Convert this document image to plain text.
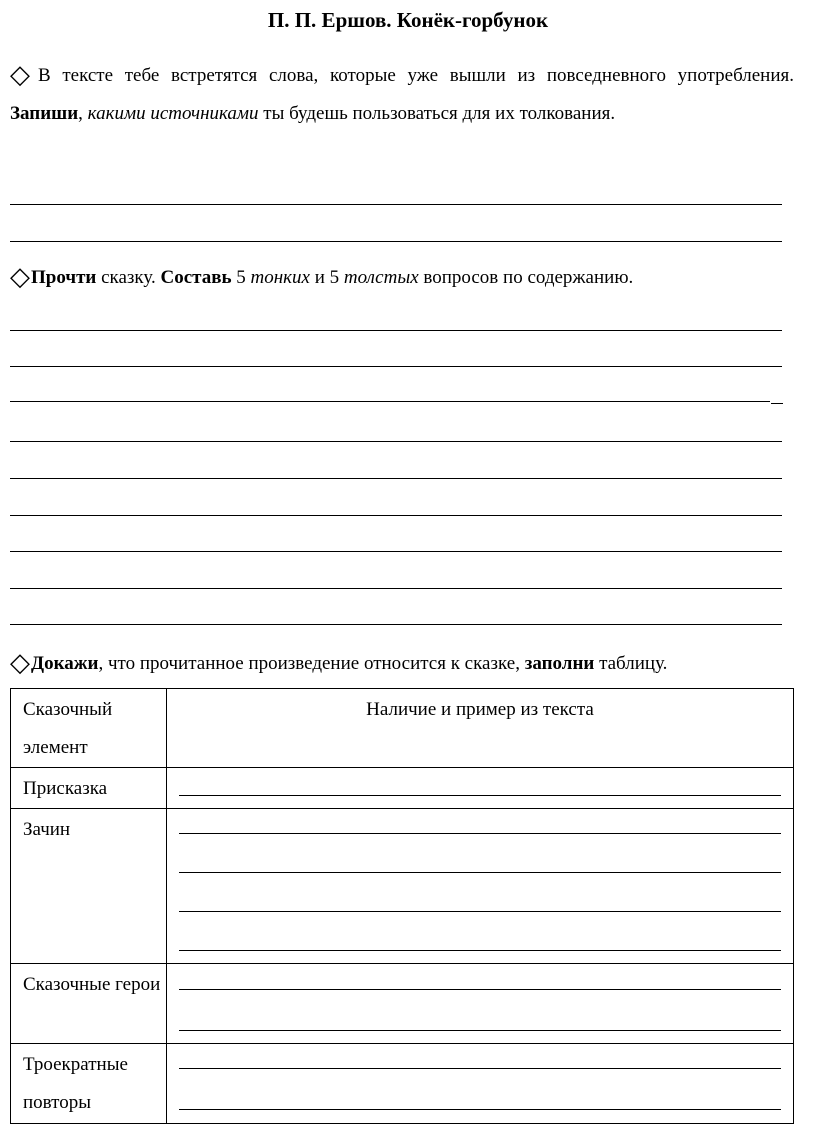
П. П. Ершов. Конёк-горбунок
◇В тексте тебе встретятся слова, которые уже вышли из повседневного употребления. Запиши, какими источниками ты будешь пользоваться для их толкования.
◇Прочти сказку. Составь 5 тонких и 5 толстых вопросов по содержанию.
◇Докажи, что прочитанное произведение относится к сказке, заполни таблицу.
Сказочный элемент	Наличие и пример из текста

Присказка	

Зачин	

Сказочные герои	

Троекратные повторы	
